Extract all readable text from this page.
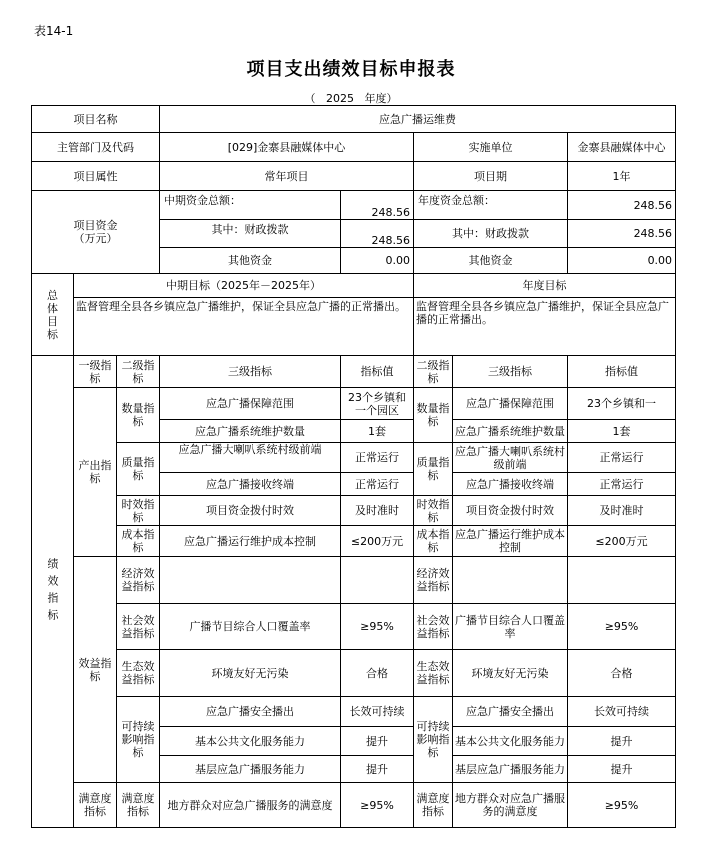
表14-1
项目支出绩效目标申报表
（   2025   年度）
项目名称			应急广播运维费				
主管部门及代码			[029]金寨县融媒体中心		实施单位		金寨县融媒体中心
项目属性			常年项目		项目期		1年
项目资金
（万元）			中期资金总额：	248.56	年度资金总额：		248.56
			其中：财政拨款	248.56	其中：财政拨款		248.56
			其他资金	0.00	其他资金		0.00
总体目标	中期目标（2025年－2025年）				年度目标		
	监督管理全县各乡镇应急广播维护，保证全县应急广播的正常播出。				监督管理全县各乡镇应急广播维护，保证全县应急广播的正常播出。		

绩效指标	一级指标	二级指标	三级指标	指标值	二级指标	三级指标	指标值
	产出指标	数量指标	应急广播保障范围	23个乡镇和一个园区	数量指标	应急广播保障范围	23个乡镇和一
			应急广播系统维护数量	1套		应急广播系统维护数量	1套
		质量指标	应急广播大喇叭系统村级前端	正常运行	质量指标	应急广播大喇叭系统村级前端	正常运行
			应急广播接收终端	正常运行		应急广播接收终端	正常运行
		时效指标	项目资金拨付时效	及时准时	时效指标	项目资金拨付时效	及时准时
		成本指标	应急广播运行维护成本控制	≤200万元	成本指标	应急广播运行维护成本控制	≤200万元
	效益指标	经济效益指标			经济效益指标		
		社会效益指标	广播节目综合人口覆盖率	≥95%	社会效益指标	广播节目综合人口覆盖率	≥95%
		生态效益指标	环境友好无污染	合格	生态效益指标	环境友好无污染	合格
		可持续影响指标	应急广播安全播出	长效可持续	可持续影响指标	应急广播安全播出	长效可持续
			基本公共文化服务能力	提升		基本公共文化服务能力	提升
			基层应急广播服务能力	提升		基层应急广播服务能力	提升
	满意度指标	满意度指标	地方群众对应急广播服务的满意度	≥95%	满意度指标	地方群众对应急广播服务的满意度	≥95%
